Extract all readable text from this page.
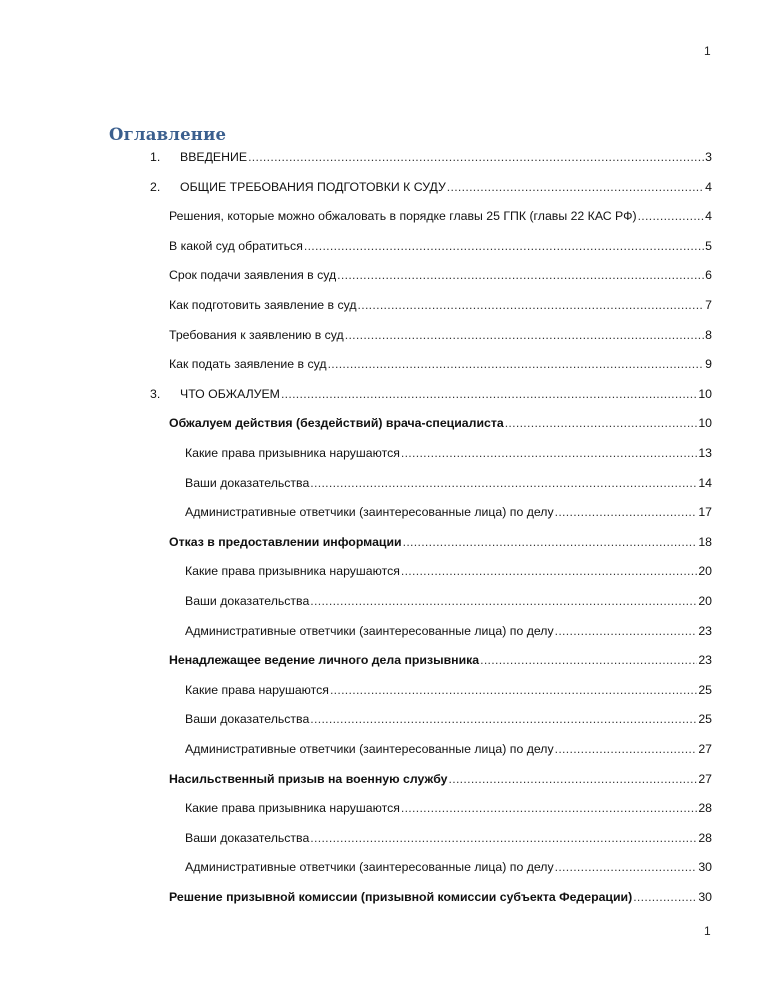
1
Оглавление
1.	ВВЕДЕНИЕ .....	3
2.	ОБЩИЕ ТРЕБОВАНИЯ ПОДГОТОВКИ К СУДУ .....	4
Решения, которые можно обжаловать в порядке главы 25 ГПК (главы 22 КАС РФ) .....	4
В какой суд обратиться .....	5
Срок подачи заявления в суд .....	6
Как подготовить заявление в суд .....	7
Требования к заявлению в суд .....	8
Как подать заявление в суд .....	9
3.	ЧТО ОБЖАЛУЕМ .....	10
Обжалуем действия (бездействий) врача-специалиста .....	10
Какие права призывника нарушаются .....	13
Ваши доказательства .....	14
Административные ответчики (заинтересованные лица) по делу .....	17
Отказ в предоставлении информации .....	18
Какие права призывника нарушаются .....	20
Ваши доказательства .....	20
Административные ответчики (заинтересованные лица) по делу .....	23
Ненадлежащее ведение личного дела призывника .....	23
Какие права нарушаются .....	25
Ваши доказательства .....	25
Административные ответчики (заинтересованные лица) по делу .....	27
Насильственный призыв на военную службу .....	27
Какие права призывника нарушаются .....	28
Ваши доказательства .....	28
Административные ответчики (заинтересованные лица) по делу .....	30
Решение призывной комиссии (призывной комиссии субъекта Федерации) .....	30
1
